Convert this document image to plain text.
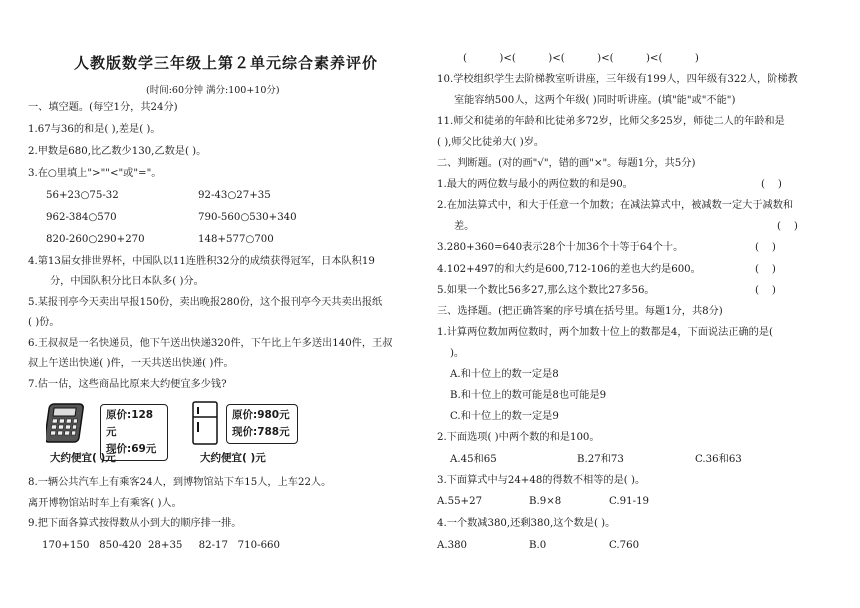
人教版数学三年级上第２单元综合素养评价
(时间:60分钟 满分:100+10分)
一、填空题。(每空1分，共24分)
1.67与36的和是( ),差是( )。
2.甲数是680,比乙数少130,乙数是( )。
3.在○里填上">""<"或"="。
56+23○75-32	92-43○27+35
962-384○570	790-560○530+340
820-260○290+270	148+577○700
4.第13届女排世界杯，中国队以11连胜积32分的成绩获得冠军，日本队积19
分，中国队积分比日本队多( )分。
5.某报刊亭今天卖出早报150份，卖出晚报280份，这个报刊亭今天共卖出报纸
( )份。
6.王叔叔是一名快递员，他下午送出快递320件，下午比上午多送出140件，王叔
叔上午送出快递( )件，一天共送出快递( )件。
7.估一估，这些商品比原来大约便宜多少钱?
原价:128元
现价:69元
大约便宜( )元
原价:980元
现价:788元
大约便宜( )元
8.一辆公共汽车上有乘客24人，到博物馆站下车15人，上车22人。
离开博物馆站时车上有乘客( )人。
9.把下面各算式按得数从小到大的顺序排一排。
170+150   850-420  28+35     82-17   710-660
(          )<(          )<(          )<(          )<(          )
10.学校组织学生去阶梯教室听讲座，三年级有199人，四年级有322人，阶梯教
室能容纳500人，这两个年级( )同时听讲座。(填"能"或"不能")
11.师父和徒弟的年龄和比徒弟多72岁，比师父多25岁，师徒二人的年龄和是
( ),师父比徒弟大( )岁。
二、判断题。(对的画"√"，错的画"×"。每题1分，共5分)
1.最大的两位数与最小的两位数的和是90。	(    )
2.在加法算式中，和大于任意一个加数；在减法算式中，被减数一定大于减数和
差。	(    )
3.280+360=640表示28个十加36个十等于64个十。	(    )
4.102+497的和大约是600,712-106的差也大约是600。	(    )
5.如果一个数比56多27,那么这个数比27多56。	(    )
三、选择题。(把正确答案的序号填在括号里。每题1分，共8分)
1.计算两位数加两位数时，两个加数十位上的数都是4，下面说法正确的是(
)。
A.和十位上的数一定是8
B.和十位上的数可能是8也可能是9
C.和十位上的数一定是9
2.下面选项( )中两个数的和是100。
A.45和65	B.27和73	C.36和63
3.下面算式中与24+48的得数不相等的是( )。
A.55+27	B.9×8	C.91-19
4.一个数减380,还剩380,这个数是( )。
A.380	B.0	C.760
